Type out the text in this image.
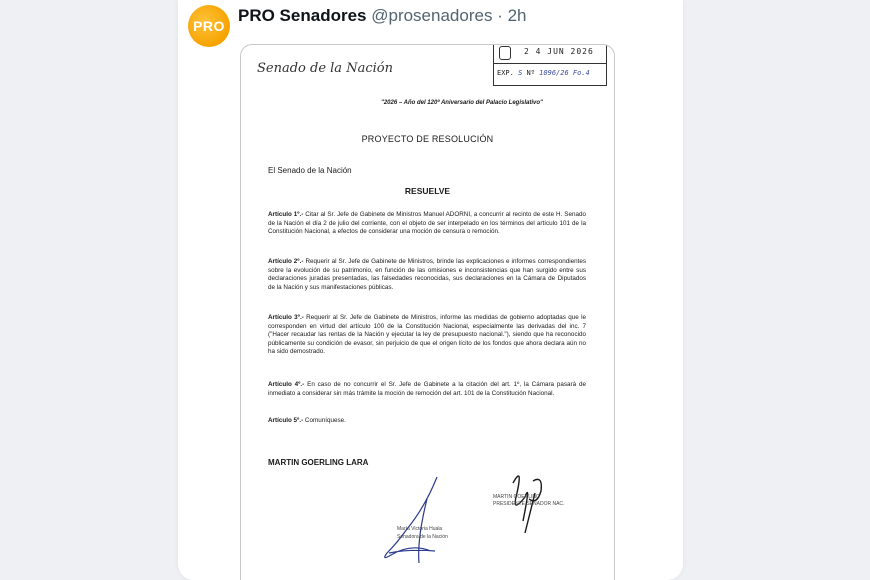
PRO
PRO Senadores @prosenadores · 2h
Senado de la Nación
2 4 JUN 2026
EXP. S Nº 1096/26 Fo.4
"2026 – Año del 120º Aniversario del Palacio Legislativo"
PROYECTO DE RESOLUCIÓN
El Senado de la Nación
RESUELVE
Artículo 1º.- Citar al Sr. Jefe de Gabinete de Ministros Manuel ADORNI, a concurrir al recinto de este H. Senado de la Nación el día 2 de julio del corriente, con el objeto de ser interpelado en los términos del artículo 101 de la Constitución Nacional, a efectos de considerar una moción de censura o remoción.
Artículo 2º.- Requerir al Sr. Jefe de Gabinete de Ministros, brinde las explicaciones e informes correspondientes sobre la evolución de su patrimonio, en función de las omisiones e inconsistencias que han surgido entre sus declaraciones juradas presentadas, las falsedades reconocidas, sus declaraciones en la Cámara de Diputados de la Nación y sus manifestaciones públicas.
Artículo 3º.- Requerir al Sr. Jefe de Gabinete de Ministros, informe las medidas de gobierno adoptadas que le corresponden en virtud del artículo 100 de la Constitución Nacional, especialmente las derivadas del inc. 7 ("Hacer recaudar las rentas de la Nación y ejecutar la ley de presupuesto nacional."), siendo que ha reconocido públicamente su condición de evasor, sin perjuicio de que el origen lícito de los fondos que ahora declara aún no ha sido demostrado.
Artículo 4º.- En caso de no concurrir el Sr. Jefe de Gabinete a la citación del art. 1º, la Cámara pasará de inmediato a considerar sin más trámite la moción de remoción del art. 101 de la Constitución Nacional.
Artículo 5º.- Comuníquese.
MARTIN GOERLING LARA
MARTIN GOERLING
PRESIDENTE SENADOR NAC.
María Victoria Huala
Senadora de la Nación
